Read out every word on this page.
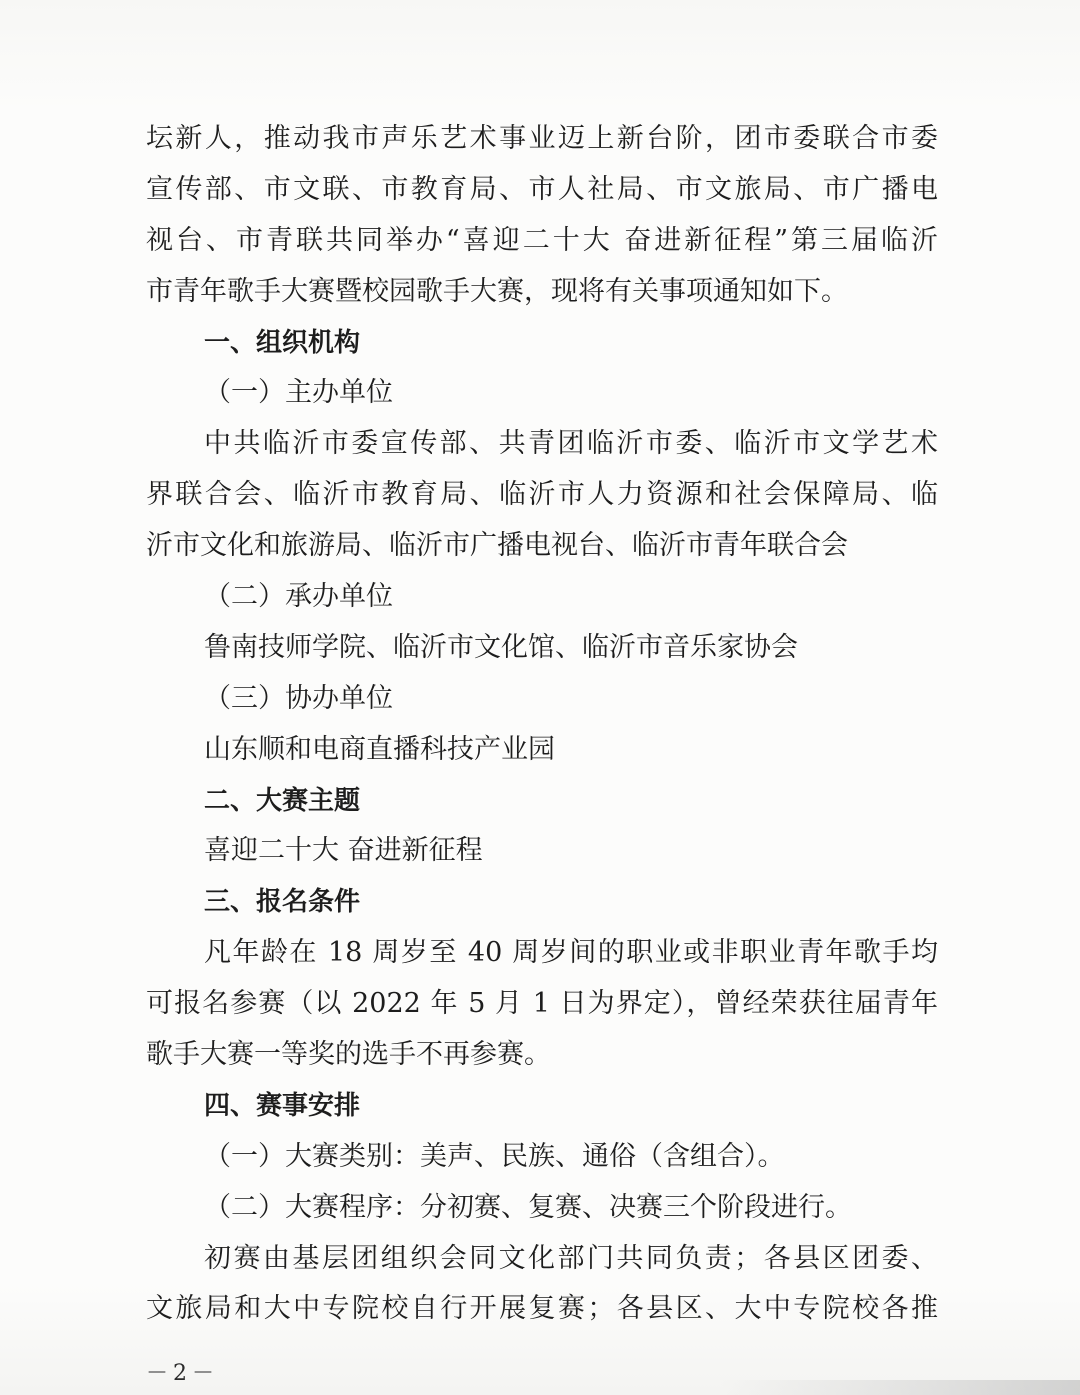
坛新人，推动我市声乐艺术事业迈上新台阶，团市委联合市委
宣传部、市文联、市教育局、市人社局、市文旅局、市广播电
视台、市青联共同举办“喜迎二十大 奋进新征程”第三届临沂
市青年歌手大赛暨校园歌手大赛，现将有关事项通知如下。
一、组织机构
（一）主办单位
中共临沂市委宣传部、共青团临沂市委、临沂市文学艺术
界联合会、临沂市教育局、临沂市人力资源和社会保障局、临
沂市文化和旅游局、临沂市广播电视台、临沂市青年联合会
（二）承办单位
鲁南技师学院、临沂市文化馆、临沂市音乐家协会
（三）协办单位
山东顺和电商直播科技产业园
二、大赛主题
喜迎二十大 奋进新征程
三、报名条件
凡年龄在 18 周岁至 40 周岁间的职业或非职业青年歌手均
可报名参赛（以 2022 年 5 月 1 日为界定），曾经荣获往届青年
歌手大赛一等奖的选手不再参赛。
四、赛事安排
（一）大赛类别：美声、民族、通俗（含组合）。
（二）大赛程序：分初赛、复赛、决赛三个阶段进行。
初赛由基层团组织会同文化部门共同负责；各县区团委、
文旅局和大中专院校自行开展复赛；各县区、大中专院校各推
－2－
